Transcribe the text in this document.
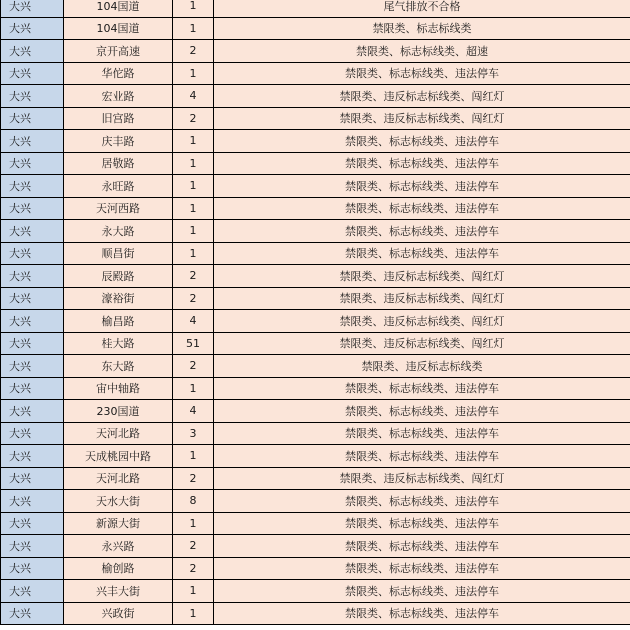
大兴	104国道	1	尾气排放不合格
大兴	104国道	1	禁限类、标志标线类
大兴	京开高速	2	禁限类、标志标线类、超速
大兴	华佗路	1	禁限类、标志标线类、违法停车
大兴	宏业路	4	禁限类、违反标志标线类、闯红灯
大兴	旧宫路	2	禁限类、违反标志标线类、闯红灯
大兴	庆丰路	1	禁限类、标志标线类、违法停车
大兴	居敬路	1	禁限类、标志标线类、违法停车
大兴	永旺路	1	禁限类、标志标线类、违法停车
大兴	天河西路	1	禁限类、标志标线类、违法停车
大兴	永大路	1	禁限类、标志标线类、违法停车
大兴	顺昌街	1	禁限类、标志标线类、违法停车
大兴	辰殿路	2	禁限类、违反标志标线类、闯红灯
大兴	濠裕街	2	禁限类、违反标志标线类、闯红灯
大兴	榆昌路	4	禁限类、违反标志标线类、闯红灯
大兴	桂大路	51	禁限类、违反标志标线类、闯红灯
大兴	东大路	2	禁限类、违反标志标线类
大兴	宙中轴路	1	禁限类、标志标线类、违法停车
大兴	230国道	4	禁限类、标志标线类、违法停车
大兴	天河北路	3	禁限类、标志标线类、违法停车
大兴	天成桃园中路	1	禁限类、标志标线类、违法停车
大兴	天河北路	2	禁限类、违反标志标线类、闯红灯
大兴	天水大街	8	禁限类、标志标线类、违法停车
大兴	新源大街	1	禁限类、标志标线类、违法停车
大兴	永兴路	2	禁限类、标志标线类、违法停车
大兴	榆创路	2	禁限类、标志标线类、违法停车
大兴	兴丰大街	1	禁限类、标志标线类、违法停车
大兴	兴政街	1	禁限类、标志标线类、违法停车
